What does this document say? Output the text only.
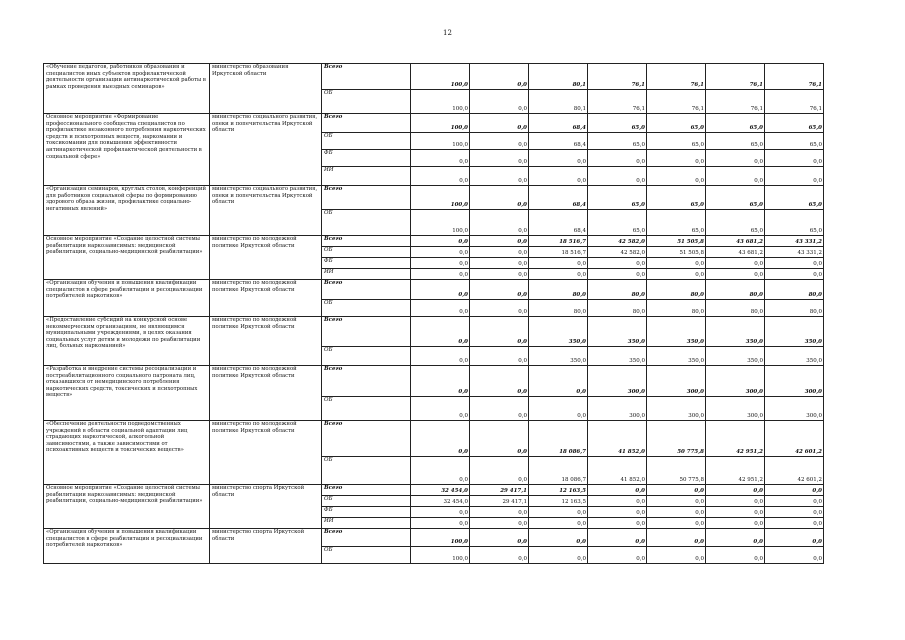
12
«Обучение педагогов, работников образования и специалистов иных субъектов профилактической деятельности организации антинаркотической работы в рамках проведения выездных семинаров»	министерство образования Иркутской области	Всего	100,0	0,0	80,1	76,1	76,1	76,1	76,1
		ОБ	100,0	0,0	80,1	76,1	76,1	76,1	76,1
Основное мероприятие «Формирование профессионального сообщества специалистов по профилактике незаконного потребления наркотических средств и психотропных веществ, наркомании и токсикомании для повышения эффективности антинаркотической профилактической деятельности в социальной сфере»	министерство социального развития, опеки и попечительства Иркутской области	Всего	100,0	0,0	68,4	65,0	65,0	65,0	65,0
		ОБ	100,0	0,0	68,4	65,0	65,0	65,0	65,0
		ФБ	0,0	0,0	0,0	0,0	0,0	0,0	0,0
		ИИ	0,0	0,0	0,0	0,0	0,0	0,0	0,0
«Организация семинаров, круглых столов, конференций для работников социальной сферы по формированию здорового образа жизни, профилактике социально-негативных явлений»	министерство социального развития, опеки и попечительства Иркутской области	Всего	100,0	0,0	68,4	65,0	65,0	65,0	65,0
		ОБ	100,0	0,0	68,4	65,0	65,0	65,0	65,0
Основное мероприятие «Создание целостной системы реабилитации наркозависимых: медицинской реабилитации, социально-медицинской реабилитации»	министерство по молодежной политике Иркутской области	Всего	0,0	0,0	18 516,7	42 582,0	51 505,8	43 681,2	43 331,2
		ОБ	0,0	0,0	18 516,7	42 582,0	51 505,8	43 681,2	43 331,2
		ФБ	0,0	0,0	0,0	0,0	0,0	0,0	0,0
		ИИ	0,0	0,0	0,0	0,0	0,0	0,0	0,0
«Организация обучения и повышения квалификации специалистов в сфере реабилитации и ресоциализации потребителей наркотиков»	министерство по молодежной политике Иркутской области	Всего	0,0	0,0	80,0	80,0	80,0	80,0	80,0
		ОБ	0,0	0,0	80,0	80,0	80,0	80,0	80,0
«Предоставление субсидий на конкурсной основе некоммерческим организациям, не являющимся муниципальными учреждениями, в целях оказания социальных услуг детям и молодежи по реабилитации лиц, больных наркоманией»	министерство по молодежной политике Иркутской области	Всего	0,0	0,0	350,0	350,0	350,0	350,0	350,0
		ОБ	0,0	0,0	350,0	350,0	350,0	350,0	350,0
«Разработка и внедрение системы ресоциализации и постреабилитационного социального патроната лиц, отказавшихся от немедицинского потребления наркотических средств, токсических и психотропных веществ»	министерство по молодежной политике Иркутской области	Всего	0,0	0,0	0,0	300,0	300,0	300,0	300,0
		ОБ	0,0	0,0	0,0	300,0	300,0	300,0	300,0
«Обеспечение деятельности подведомственных учреждений в области социальной адаптации лиц страдающих наркотической, алкогольной зависимостями, а также зависимостями от психоактивных веществ и токсических веществ»	министерство по молодежной политике Иркутской области	Всего	0,0	0,0	18 086,7	41 852,0	50 775,8	42 951,2	42 601,2
		ОБ	0,0	0,0	18 086,7	41 852,0	50 775,8	42 951,2	42 601,2
Основное мероприятие «Создание целостной системы реабилитации наркозависимых: медицинской реабилитации, социально-медицинской реабилитации»	министерство спорта Иркутской области	Всего	32 454,0	29 417,1	12 163,5	0,0	0,0	0,0	0,0
		ОБ	32 454,0	29 417,1	12 163,5	0,0	0,0	0,0	0,0
		ФБ	0,0	0,0	0,0	0,0	0,0	0,0	0,0
		ИИ	0,0	0,0	0,0	0,0	0,0	0,0	0,0
«Организация обучения и повышения квалификации специалистов в сфере реабилитации и ресоциализации потребителей наркотиков»	министерство спорта Иркутской области	Всего	100,0	0,0	0,0	0,0	0,0	0,0	0,0
		ОБ	100,0	0,0	0,0	0,0	0,0	0,0	0,0
